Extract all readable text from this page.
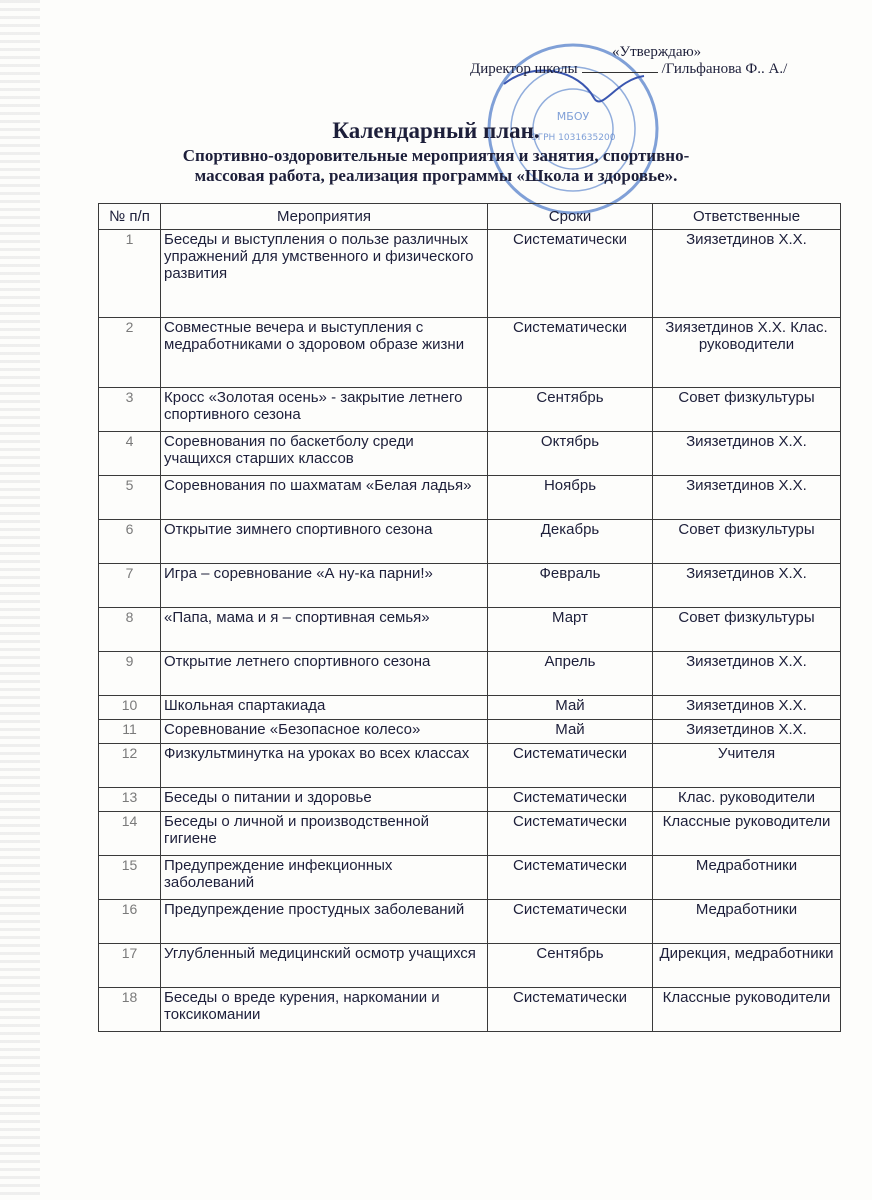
МБОУ
ОГРН 1031635200
«Утверждаю»
Директор школы	/Гильфанова Ф.. А./
Календарный план.
Спортивно-оздоровительные мероприятия и занятия, спортивно-
массовая работа, реализация программы «Школа и здоровье».
№ п/п	Мероприятия	Сроки	Ответственные
1	Беседы и выступления о пользе различных упражнений для умственного и физического развития	Систематически	Зиязетдинов Х.Х.
2	Совместные вечера и выступления с медработниками о здоровом образе жизни	Систематически	Зиязетдинов Х.Х. Клас. руководители
3	Кросс «Золотая осень» - закрытие летнего спортивного сезона	Сентябрь	Совет физкультуры
4	Соревнования по баскетболу среди учащихся старших классов	Октябрь	Зиязетдинов Х.Х.
5	Соревнования по шахматам «Белая ладья»	Ноябрь	Зиязетдинов Х.Х.
6	Открытие зимнего спортивного сезона	Декабрь	Совет физкультуры
7	Игра – соревнование «А ну-ка парни!»	Февраль	Зиязетдинов Х.Х.
8	«Папа, мама и я – спортивная семья»	Март	Совет физкультуры
9	Открытие летнего спортивного сезона	Апрель	Зиязетдинов Х.Х.
10	Школьная спартакиада	Май	Зиязетдинов Х.Х.
11	Соревнование «Безопасное колесо»	Май	Зиязетдинов Х.Х.
12	Физкультминутка на уроках во всех классах	Систематически	Учителя
13	Беседы о питании и здоровье	Систематически	Клас. руководители
14	Беседы о личной и производственной гигиене	Систематически	Классные руководители
15	Предупреждение инфекционных заболеваний	Систематически	Медработники
16	Предупреждение простудных заболеваний	Систематически	Медработники
17	Углубленный медицинский осмотр учащихся	Сентябрь	Дирекция, медработники
18	Беседы о вреде курения, наркомании и токсикомании	Систематически	Классные руководители
